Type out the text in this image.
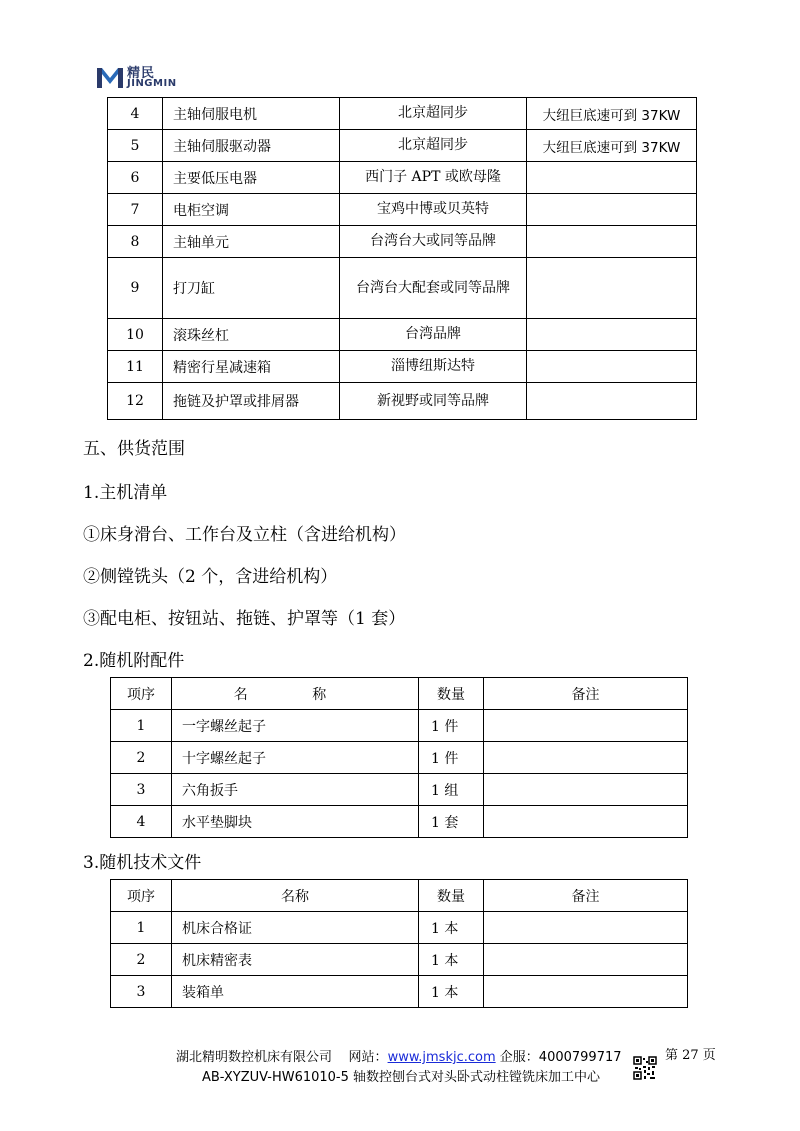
精民
JINGMIN
4	主轴伺服电机	北京超同步	大纽巨底速可到 37KW
5	主轴伺服驱动器	北京超同步	大纽巨底速可到 37KW
6	主要低压电器	西门子 APT 或欧母隆	
7	电柜空调	宝鸡中博或贝英特	
8	主轴单元	台湾台大或同等品牌	
9	打刀缸	台湾台大配套或同等品牌	
10	滚珠丝杠	台湾品牌	
11	精密行星减速箱	淄博纽斯达特	
12	拖链及护罩或排屑器	新视野或同等品牌	
五、供货范围
1.主机清单
①床身滑台、工作台及立柱（含进给机构）
②侧镗铣头（2 个，含进给机构）
③配电柜、按钮站、拖链、护罩等（1 套）
2.随机附配件
项序	名 称	数量	备注
1	一字螺丝起子	1 件	
2	十字螺丝起子	1 件	
3	六角扳手	1 组	
4	水平垫脚块	1 套	
3.随机技术文件
项序	名称	数量	备注
1	机床合格证	1 本	
2	机床精密表	1 本	
3	装箱单	1 本	
湖北精明数控机床有限公司 网站：www.jmskjc.com 企服：4000799717	第 27 页
AB-XYZUV-HW61010-5 轴数控刨台式对头卧式动柱镗铣床加工中心
